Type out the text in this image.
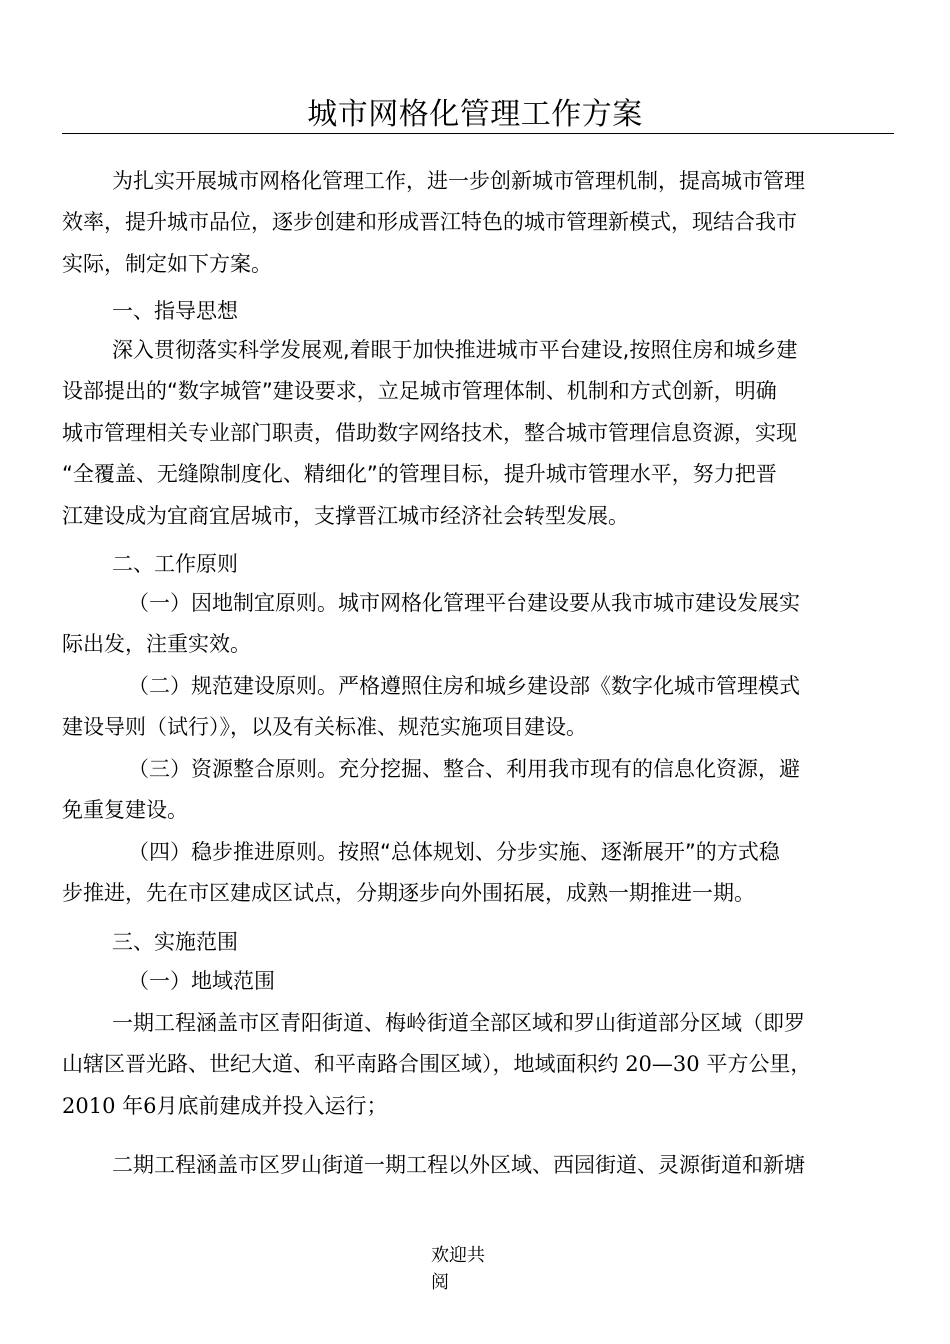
城市网格化管理工作方案
为扎实开展城市网格化管理工作，进一步创新城市管理机制，提高城市管理
效率，提升城市品位，逐步创建和形成晋江特色的城市管理新模式，现结合我市
实际，制定如下方案。
一、指导思想
深入贯彻落实科学发展观,着眼于加快推进城市平台建设,按照住房和城乡建
设部提出的“数字城管”建设要求，立足城市管理体制、机制和方式创新，明确
城市管理相关专业部门职责，借助数字网络技术，整合城市管理信息资源，实现
“全覆盖、无缝隙制度化、精细化”的管理目标，提升城市管理水平，努力把晋
江建设成为宜商宜居城市，支撑晋江城市经济社会转型发展。
二、工作原则
（一）因地制宜原则。城市网格化管理平台建设要从我市城市建设发展实
际出发，注重实效。
（二）规范建设原则。严格遵照住房和城乡建设部《数字化城市管理模式
建设导则（试行）》，以及有关标准、规范实施项目建设。
（三）资源整合原则。充分挖掘、整合、利用我市现有的信息化资源，避
免重复建设。
（四）稳步推进原则。按照“总体规划、分步实施、逐渐展开”的方式稳
步推进，先在市区建成区试点，分期逐步向外围拓展，成熟一期推进一期。
三、实施范围
（一）地域范围
一期工程涵盖市区青阳街道、梅岭街道全部区域和罗山街道部分区域（即罗
山辖区晋光路、世纪大道、和平南路合围区域），地域面积约 20—30 平方公里，
2010 年6月底前建成并投入运行；
二期工程涵盖市区罗山街道一期工程以外区域、西园街道、灵源街道和新塘
欢迎共
阅
